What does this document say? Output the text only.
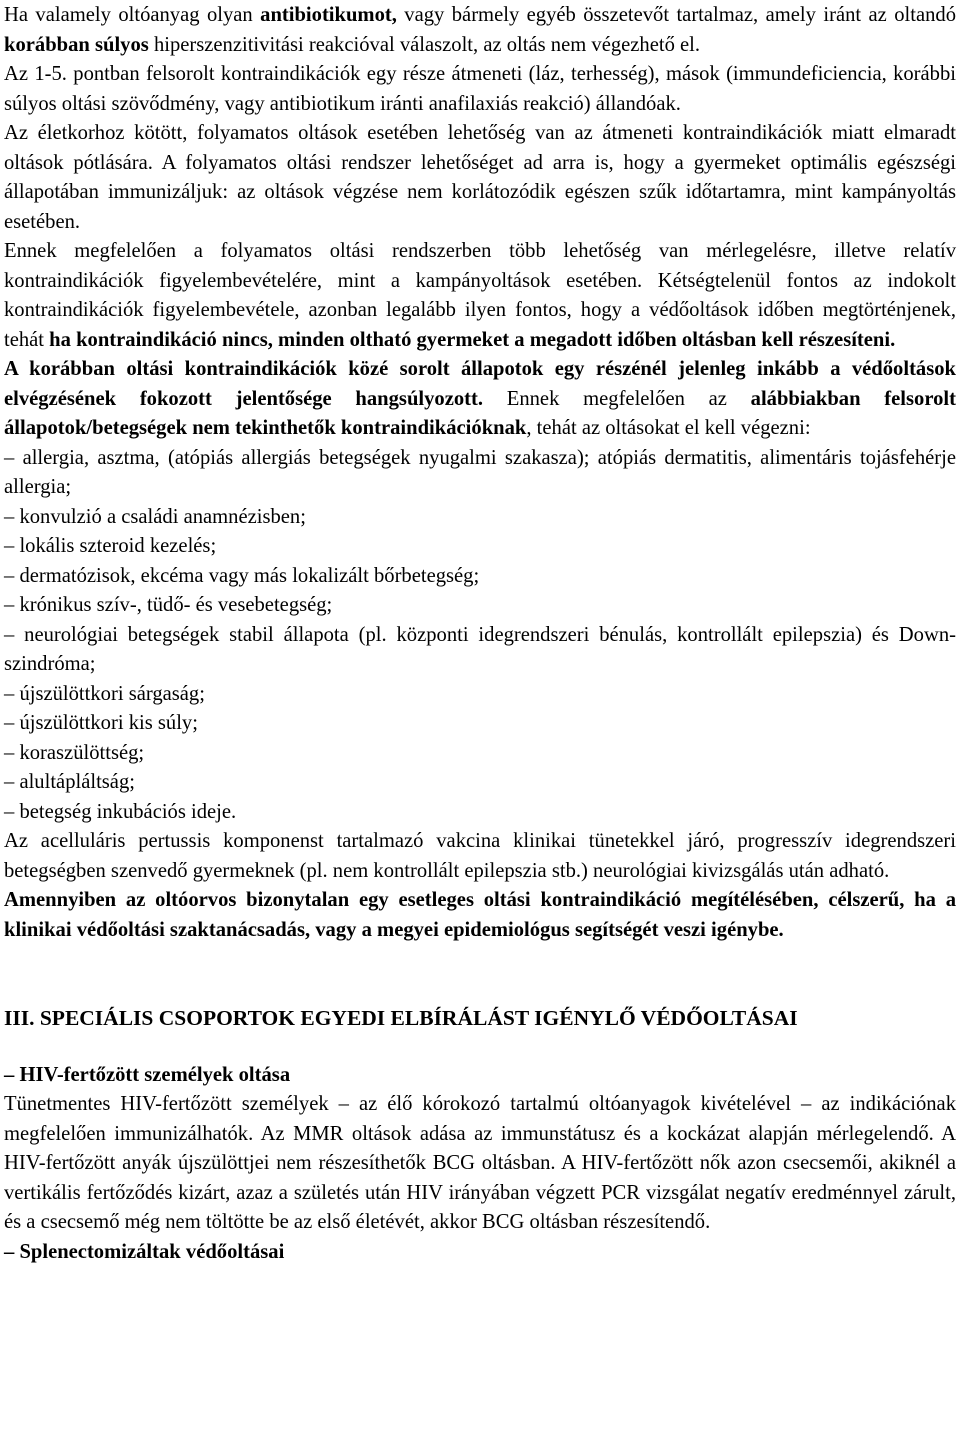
Ha valamely oltóanyag olyan antibiotikumot, vagy bármely egyéb összetevőt tartalmaz, amely iránt az oltandó korábban súlyos hiperszenzitivitási reakcióval válaszolt, az oltás nem végezhető el.

Az 1-5. pontban felsorolt kontraindikációk egy része átmeneti (láz, terhesség), mások (immundeficiencia, korábbi súlyos oltási szövődmény, vagy antibiotikum iránti anafilaxiás reakció) állandóak.

Az életkorhoz kötött, folyamatos oltások esetében lehetőség van az átmeneti kontraindikációk miatt elmaradt oltások pótlására. A folyamatos oltási rendszer lehetőséget ad arra is, hogy a gyermeket optimális egészségi állapotában immunizáljuk: az oltások végzése nem korlátozódik egészen szűk időtartamra, mint kampányoltás esetében.

Ennek megfelelően a folyamatos oltási rendszerben több lehetőség van mérlegelésre, illetve relatív kontraindikációk figyelembevételére, mint a kampányoltások esetében. Kétségtelenül fontos az indokolt kontraindikációk figyelembevétele, azonban legalább ilyen fontos, hogy a védőoltások időben megtörténjenek, tehát ha kontraindikáció nincs, minden oltható gyermeket a megadott időben oltásban kell részesíteni.

A korábban oltási kontraindikációk közé sorolt állapotok egy részénél jelenleg inkább a védőoltások elvégzésének fokozott jelentősége hangsúlyozott. Ennek megfelelően az alábbiakban felsorolt állapotok/betegségek nem tekinthetők kontraindikációknak, tehát az oltásokat el kell végezni:

– allergia, asztma, (atópiás allergiás betegségek nyugalmi szakasza); atópiás dermatitis, alimentáris tojásfehérje allergia;

– konvulzió a családi anamnézisben;

– lokális szteroid kezelés;

– dermatózisok, ekcéma vagy más lokalizált bőrbetegség;

– krónikus szív-, tüdő- és vesebetegség;

– neurológiai betegségek stabil állapota (pl. központi idegrendszeri bénulás, kontrollált epilepszia) és Down-szindróma;

– újszülöttkori sárgaság;

– újszülöttkori kis súly;

– koraszülöttség;

– alultápláltság;

– betegség inkubációs ideje.

Az acelluláris pertussis komponenst tartalmazó vakcina klinikai tünetekkel járó, progresszív idegrendszeri betegségben szenvedő gyermeknek (pl. nem kontrollált epilepszia stb.) neurológiai kivizsgálás után adható.

Amennyiben az oltóorvos bizonytalan egy esetleges oltási kontraindikáció megítélésében, célszerű, ha a klinikai védőoltási szaktanácsadás, vagy a megyei epidemiológus segítségét veszi igénybe.

III. SPECIÁLIS CSOPORTOK EGYEDI ELBÍRÁLÁST IGÉNYLŐ VÉDŐOLTÁSAI

– HIV-fertőzött személyek oltása

Tünetmentes HIV-fertőzött személyek – az élő kórokozó tartalmú oltóanyagok kivételével – az indikációnak megfelelően immunizálhatók. Az MMR oltások adása az immunstátusz és a kockázat alapján mérlegelendő. A HIV-fertőzött anyák újszülöttjei nem részesíthetők BCG oltásban. A HIV-fertőzött nők azon csecsemői, akiknél a vertikális fertőződés kizárt, azaz a születés után HIV irányában végzett PCR vizsgálat negatív eredménnyel zárult, és a csecsemő még nem töltötte be az első életévét, akkor BCG oltásban részesítendő.

– Splenectomizáltak védőoltásai
